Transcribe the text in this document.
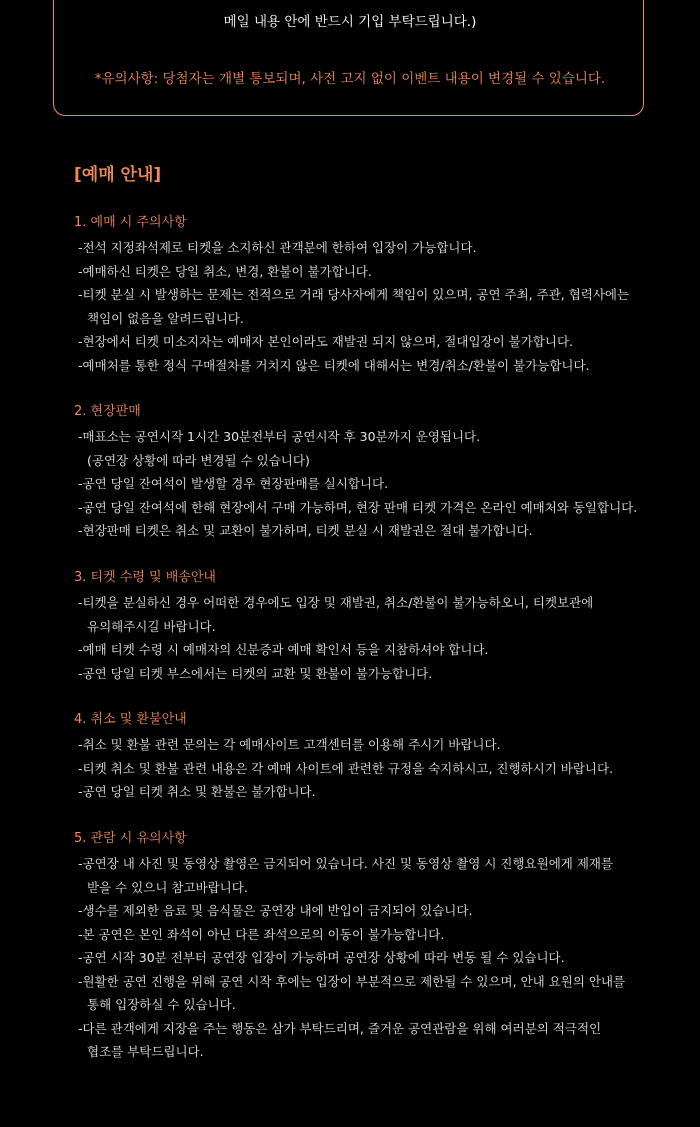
메일 내용 안에 반드시 기입 부탁드립니다.)
*유의사항: 당첨자는 개별 통보되며, 사전 고지 없이 이벤트 내용이 변경될 수 있습니다.
[예매 안내]
1. 예매 시 주의사항
-전석 지정좌석제로 티켓을 소지하신 관객분에 한하여 입장이 가능합니다.
-예매하신 티켓은 당일 취소, 변경, 환불이 불가합니다.
-티켓 분실 시 발생하는 문제는 전적으로 거래 당사자에게 책임이 있으며, 공연 주최, 주관, 협력사에는
책임이 없음을 알려드립니다.
-현장에서 티켓 미소지자는 예매자 본인이라도 재발권 되지 않으며, 절대입장이 불가합니다.
-예매처를 통한 정식 구매절차를 거치지 않은 티켓에 대해서는 변경/취소/환불이 불가능합니다.
2. 현장판매
-매표소는 공연시작 1시간 30분전부터 공연시작 후 30분까지 운영됩니다.
(공연장 상황에 따라 변경될 수 있습니다)
-공연 당일 잔여석이 발생할 경우 현장판매를 실시합니다.
-공연 당일 잔여석에 한해 현장에서 구매 가능하며, 현장 판매 티켓 가격은 온라인 예매처와 동일합니다.
-현장판매 티켓은 취소 및 교환이 불가하며, 티켓 분실 시 재발권은 절대 불가합니다.
3. 티켓 수령 및 배송안내
-티켓을 분실하신 경우 어떠한 경우에도 입장 및 재발권, 취소/환불이 불가능하오니, 티켓보관에
유의해주시길 바랍니다.
-예매 티켓 수령 시 예매자의 신분증과 예매 확인서 등을 지참하셔야 합니다.
-공연 당일 티켓 부스에서는 티켓의 교환 및 환불이 불가능합니다.
4. 취소 및 환불안내
-취소 및 환불 관련 문의는 각 예매사이트 고객센터를 이용해 주시기 바랍니다.
-티켓 취소 및 환불 관련 내용은 각 예매 사이트에 관련한 규정을 숙지하시고, 진행하시기 바랍니다.
-공연 당일 티켓 취소 및 환불은 불가합니다.
5. 관람 시 유의사항
-공연장 내 사진 및 동영상 촬영은 금지되어 있습니다. 사진 및 동영상 촬영 시 진행요원에게 제재를
받을 수 있으니 참고바랍니다.
-생수를 제외한 음료 및 음식물은 공연장 내에 반입이 금지되어 있습니다.
-본 공연은 본인 좌석이 아닌 다른 좌석으로의 이동이 불가능합니다.
-공연 시작 30분 전부터 공연장 입장이 가능하며 공연장 상황에 따라 변동 될 수 있습니다.
-원활한 공연 진행을 위해 공연 시작 후에는 입장이 부분적으로 제한될 수 있으며, 안내 요원의 안내를
통해 입장하실 수 있습니다.
-다른 관객에게 지장을 주는 행동은 삼가 부탁드리며, 즐거운 공연관람을 위해 여러분의 적극적인
협조를 부탁드립니다.
